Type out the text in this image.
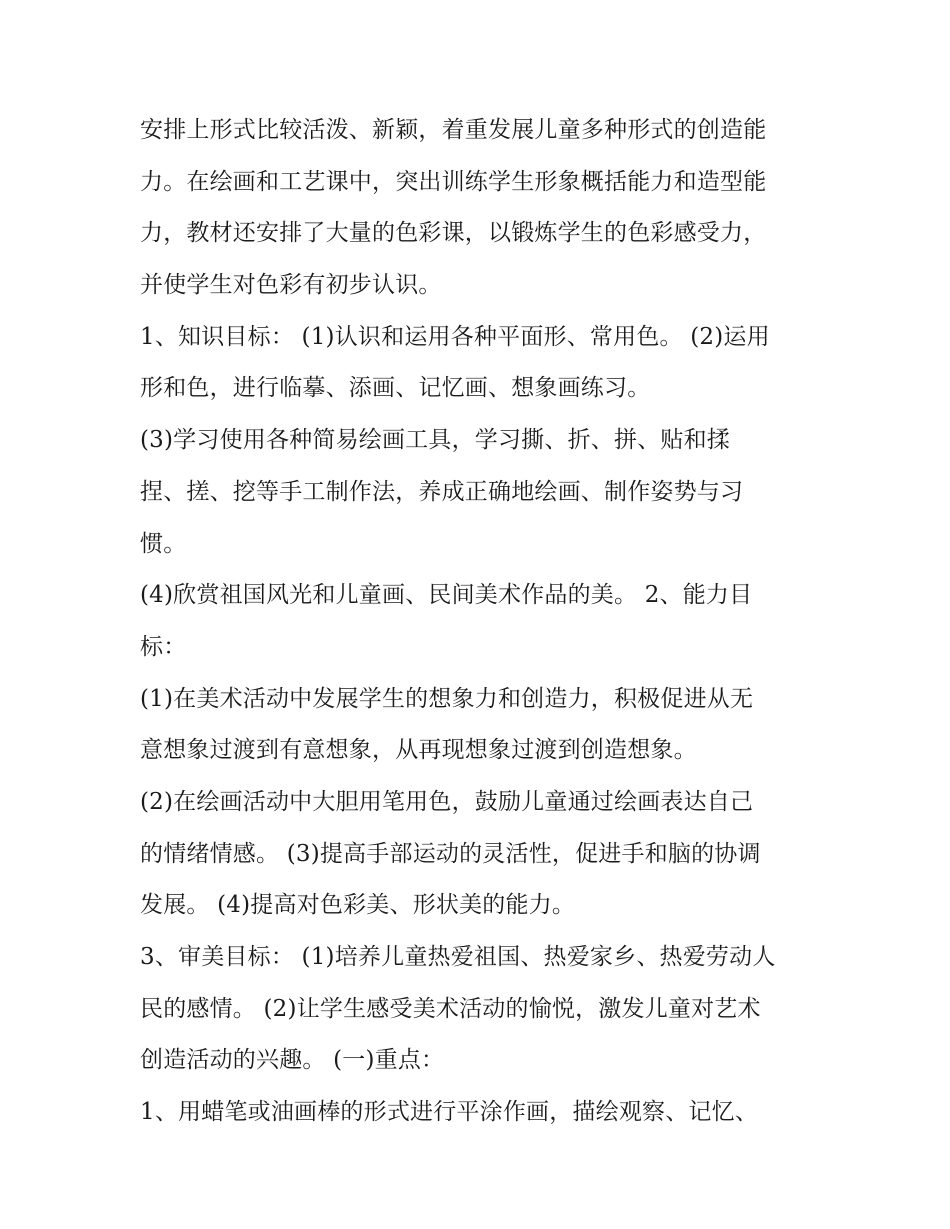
安排上形式比较活泼、新颖，着重发展儿童多种形式的创造能
力。在绘画和工艺课中，突出训练学生形象概括能力和造型能
力，教材还安排了大量的色彩课，以锻炼学生的色彩感受力，
并使学生对色彩有初步认识。
1、知识目标： (1)认识和运用各种平面形、常用色。 (2)运用
形和色，进行临摹、添画、记忆画、想象画练习。
(3)学习使用各种简易绘画工具，学习撕、折、拼、贴和揉
捏、搓、挖等手工制作法，养成正确地绘画、制作姿势与习
惯。
(4)欣赏祖国风光和儿童画、民间美术作品的美。 2、能力目
标：
(1)在美术活动中发展学生的想象力和创造力，积极促进从无
意想象过渡到有意想象，从再现想象过渡到创造想象。
(2)在绘画活动中大胆用笔用色，鼓励儿童通过绘画表达自己
的情绪情感。 (3)提高手部运动的灵活性，促进手和脑的协调
发展。 (4)提高对色彩美、形状美的能力。
3、审美目标： (1)培养儿童热爱祖国、热爱家乡、热爱劳动人
民的感情。 (2)让学生感受美术活动的愉悦，激发儿童对艺术
创造活动的兴趣。 (一)重点：
1、用蜡笔或油画棒的形式进行平涂作画，描绘观察、记忆、
